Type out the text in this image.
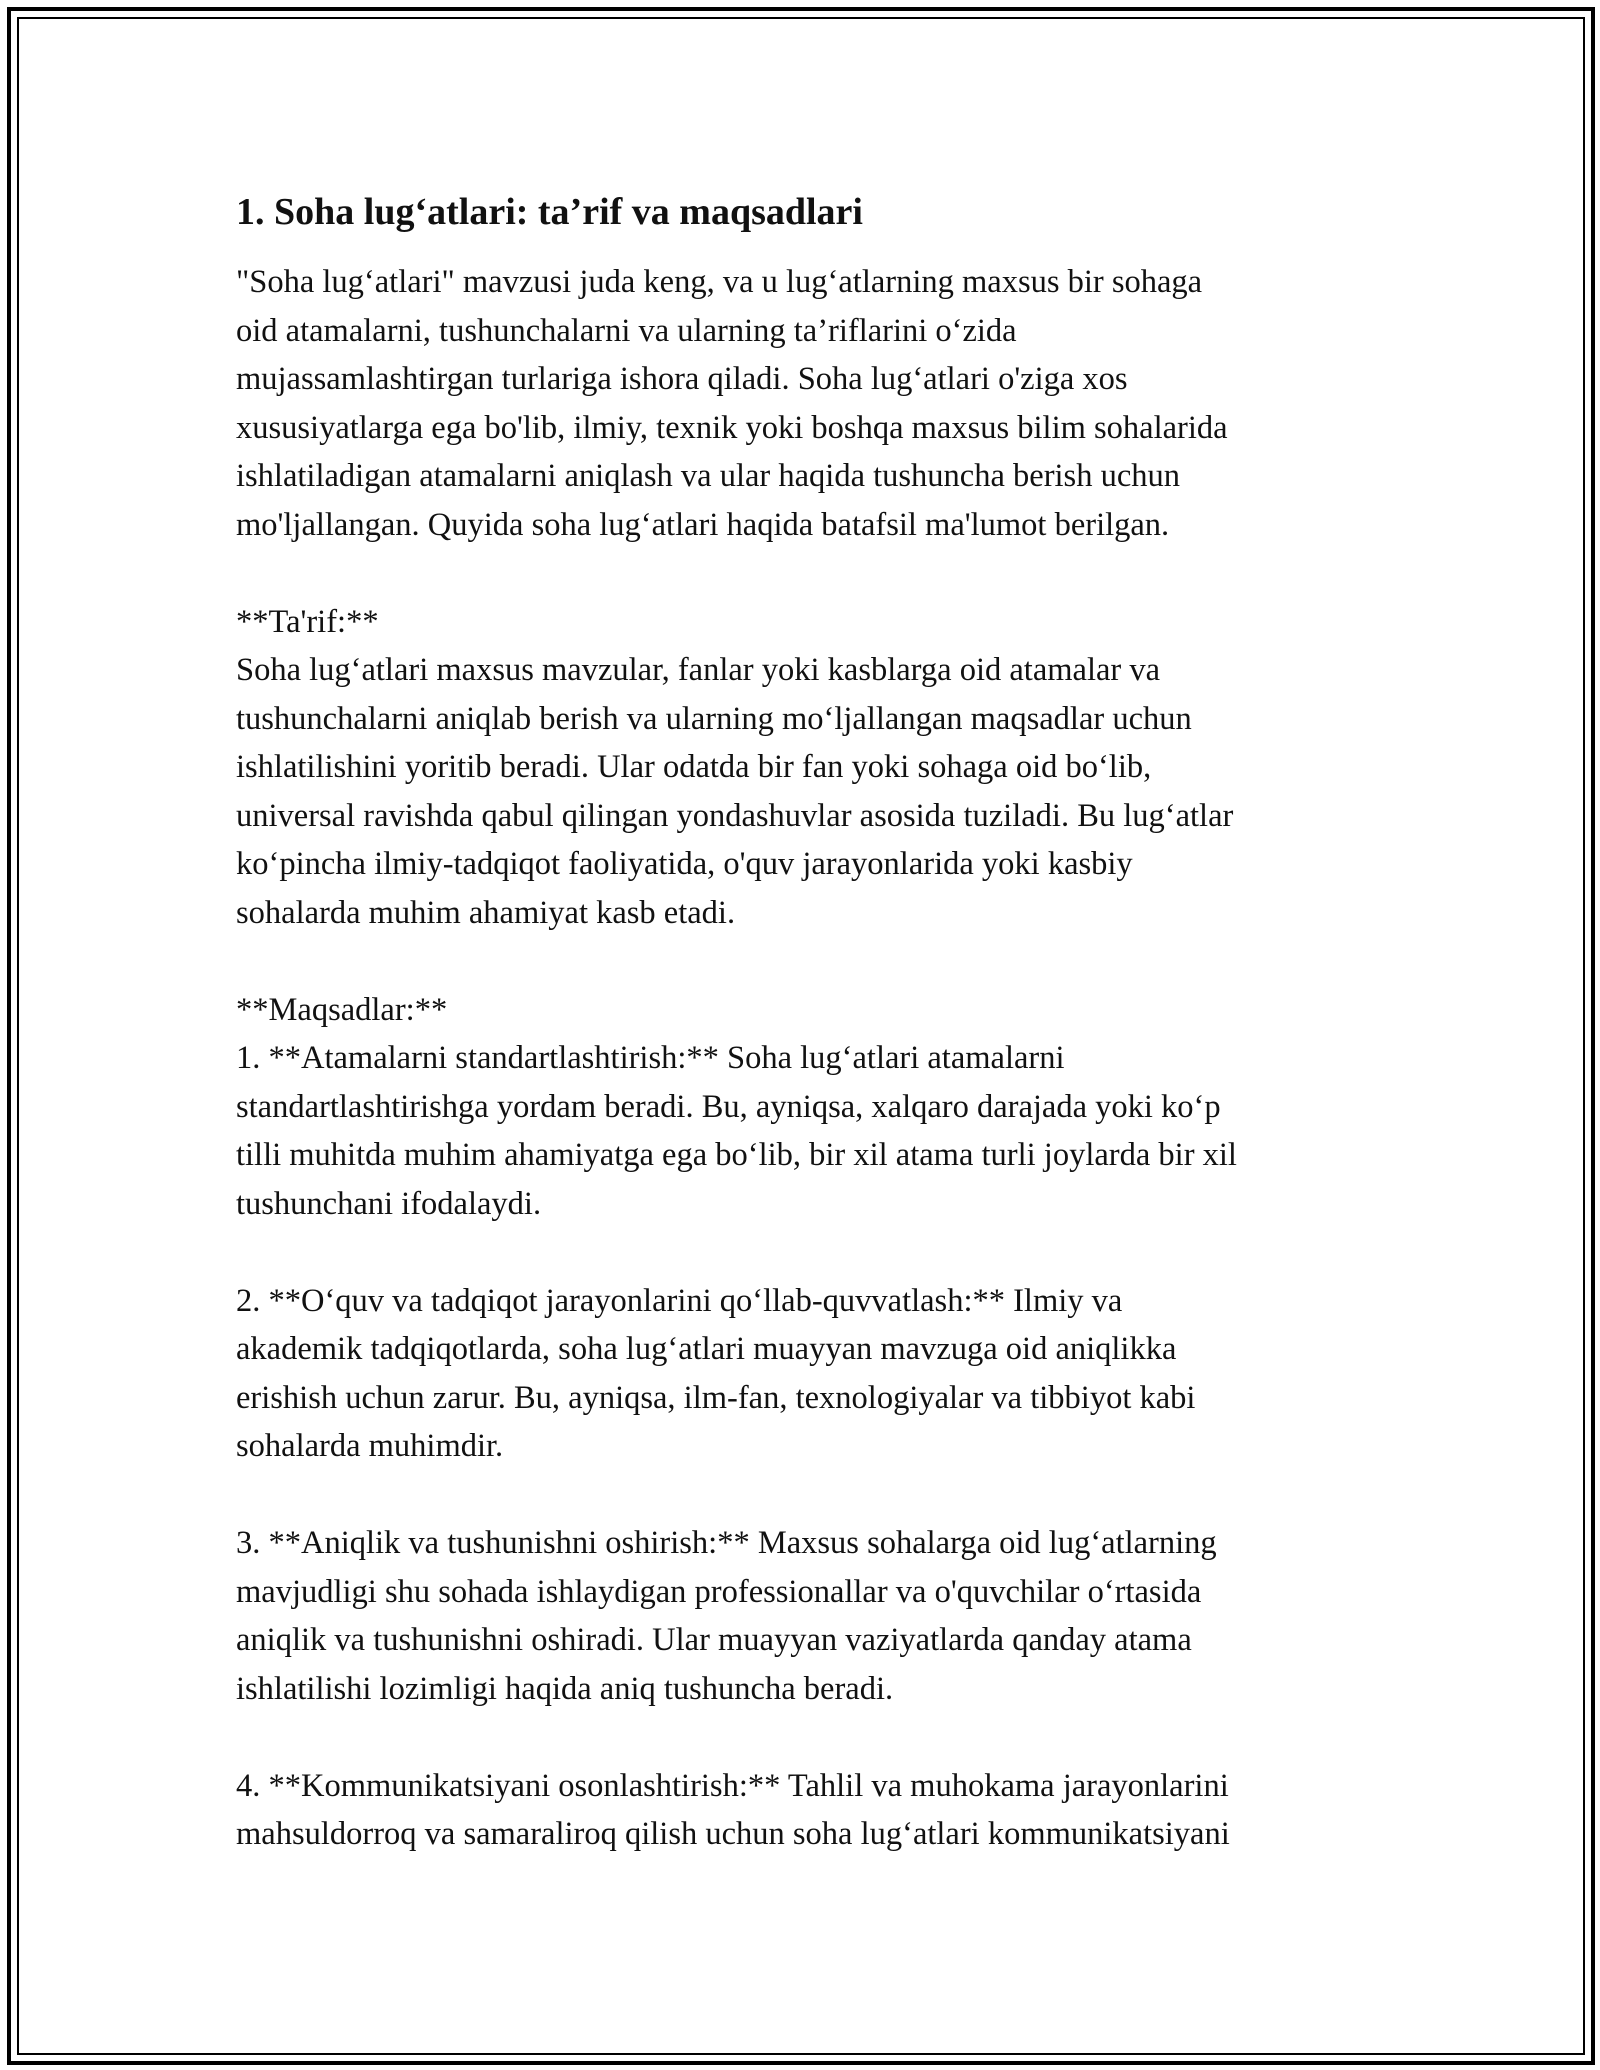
1. Soha lug‘atlari: ta’rif va maqsadlari

"Soha lug‘atlari" mavzusi juda keng, va u lug‘atlarning maxsus bir sohaga
oid atamalarni, tushunchalarni va ularning ta’riflarini o‘zida
mujassamlashtirgan turlariga ishora qiladi. Soha lug‘atlari o'ziga xos
xususiyatlarga ega bo'lib, ilmiy, texnik yoki boshqa maxsus bilim sohalarida
ishlatiladigan atamalarni aniqlash va ular haqida tushuncha berish uchun
mo'ljallangan. Quyida soha lug‘atlari haqida batafsil ma'lumot berilgan.

**Ta'rif:**

Soha lug‘atlari maxsus mavzular, fanlar yoki kasblarga oid atamalar va
tushunchalarni aniqlab berish va ularning mo‘ljallangan maqsadlar uchun
ishlatilishini yoritib beradi. Ular odatda bir fan yoki sohaga oid bo‘lib,
universal ravishda qabul qilingan yondashuvlar asosida tuziladi. Bu lug‘atlar
ko‘pincha ilmiy-tadqiqot faoliyatida, o'quv jarayonlarida yoki kasbiy
sohalarda muhim ahamiyat kasb etadi.

**Maqsadlar:**

1. **Atamalarni standartlashtirish:** Soha lug‘atlari atamalarni
standartlashtirishga yordam beradi. Bu, ayniqsa, xalqaro darajada yoki ko‘p
tilli muhitda muhim ahamiyatga ega bo‘lib, bir xil atama turli joylarda bir xil
tushunchani ifodalaydi.

2. **O‘quv va tadqiqot jarayonlarini qo‘llab-quvvatlash:** Ilmiy va
akademik tadqiqotlarda, soha lug‘atlari muayyan mavzuga oid aniqlikka
erishish uchun zarur. Bu, ayniqsa, ilm-fan, texnologiyalar va tibbiyot kabi
sohalarda muhimdir.

3. **Aniqlik va tushunishni oshirish:** Maxsus sohalarga oid lug‘atlarning
mavjudligi shu sohada ishlaydigan professionallar va o'quvchilar o‘rtasida
aniqlik va tushunishni oshiradi. Ular muayyan vaziyatlarda qanday atama
ishlatilishi lozimligi haqida aniq tushuncha beradi.

4. **Kommunikatsiyani osonlashtirish:** Tahlil va muhokama jarayonlarini
mahsuldorroq va samaraliroq qilish uchun soha lug‘atlari kommunikatsiyani
